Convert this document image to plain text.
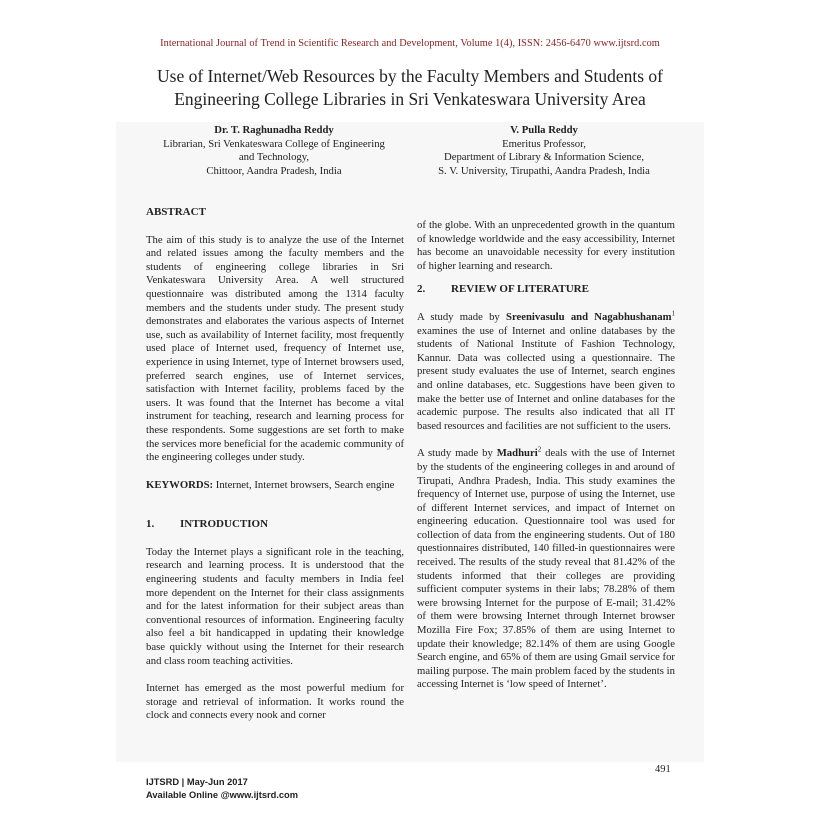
International Journal of Trend in Scientific Research and Development, Volume 1(4), ISSN: 2456-6470 www.ijtsrd.com
Use of Internet/Web Resources by the Faculty Members and Students of
Engineering College Libraries in Sri Venkateswara University Area
Dr. T. Raghunadha Reddy
Librarian, Sri Venkateswara College of Engineering
and Technology,
Chittoor, Aandra Pradesh, India
V. Pulla Reddy
Emeritus Professor,
Department of Library & Information Science,
S. V. University, Tirupathi, Aandra Pradesh, India

ABSTRACT

The aim of this study is to analyze the use of the Internet and related issues among the faculty members and the students of engineering college libraries in Sri Venkateswara University Area. A well structured questionnaire was distributed among the 1314 faculty members and the students under study. The present study demonstrates and elaborates the various aspects of Internet use, such as availability of Internet facility, most frequently used place of Internet used, frequency of Internet use, experience in using Internet, type of Internet browsers used, preferred search engines, use of Internet services, satisfaction with Internet facility, problems faced by the users. It was found that the Internet has become a vital instrument for teaching, research and learning process for these respondents. Some suggestions are set forth to make the services more beneficial for the academic community of the engineering colleges under study.

KEYWORDS: Internet, Internet browsers, Search engine

1. INTRODUCTION

Today the Internet plays a significant role in the teaching, research and learning process. It is understood that the engineering students and faculty members in India feel more dependent on the Internet for their class assignments and for the latest information for their subject areas than conventional resources of information. Engineering faculty also feel a bit handicapped in updating their knowledge base quickly without using the Internet for their research and class room teaching activities.

Internet has emerged as the most powerful medium for storage and retrieval of information. It works round the clock and connects every nook and corner

of the globe. With an unprecedented growth in the quantum of knowledge worldwide and the easy accessibility, Internet has become an unavoidable necessity for every institution of higher learning and research.

2. REVIEW OF LITERATURE

A study made by Sreenivasulu and Nagabhushanam$^1$ examines the use of Internet and online databases by the students of National Institute of Fashion Technology, Kannur. Data was collected using a questionnaire. The present study evaluates the use of Internet, search engines and online databases, etc. Suggestions have been given to make the better use of Internet and online databases for the academic purpose. The results also indicated that all IT based resources and facilities are not sufficient to the users.

A study made by Madhuri$^2$ deals with the use of Internet by the students of the engineering colleges in and around of Tirupati, Andhra Pradesh, India. This study examines the frequency of Internet use, purpose of using the Internet, use of different Internet services, and impact of Internet on engineering education. Questionnaire tool was used for collection of data from the engineering students. Out of 180 questionnaires distributed, 140 filled-in questionnaires were received. The results of the study reveal that 81.42% of the students informed that their colleges are providing sufficient computer systems in their labs; 78.28% of them were browsing Internet for the purpose of E-mail; 31.42% of them were browsing Internet through Internet browser Mozilla Fire Fox; 37.85% of them are using Internet to update their knowledge; 82.14% of them are using Google Search engine, and 65% of them are using Gmail service for mailing purpose. The main problem faced by the students in accessing Internet is ‘low speed of Internet’.

IJTSRD | May-Jun 2017
Available Online @www.ijtsrd.com
491
